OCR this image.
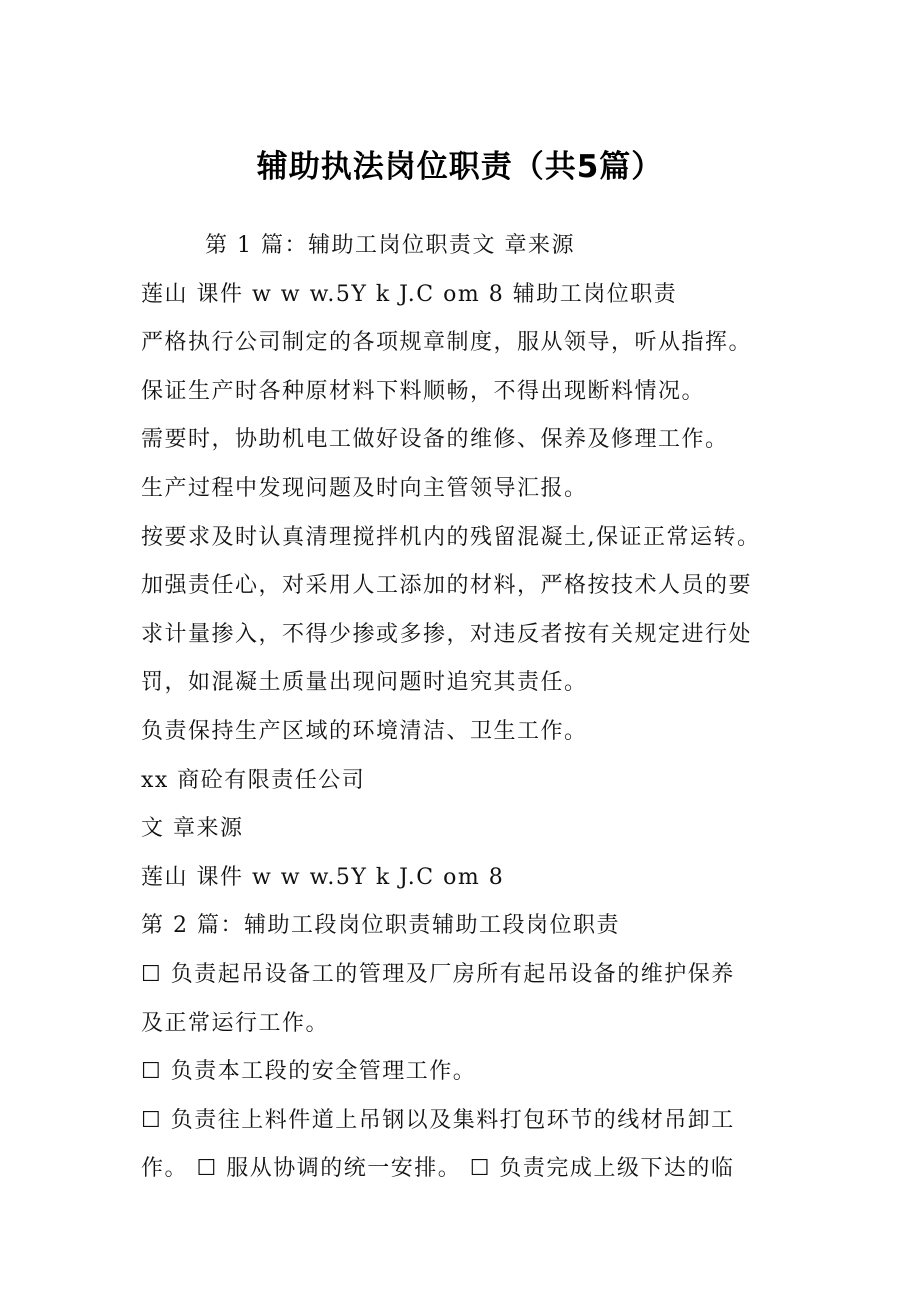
辅助执法岗位职责（共5篇）
第 1 篇：辅助工岗位职责文 章来源
莲山 课件 w w w.5Y k J.C om 8 辅助工岗位职责
严格执行公司制定的各项规章制度，服从领导，听从指挥。
保证生产时各种原材料下料顺畅，不得出现断料情况。
需要时，协助机电工做好设备的维修、保养及修理工作。
生产过程中发现问题及时向主管领导汇报。
按要求及时认真清理搅拌机内的残留混凝土,保证正常运转。
加强责任心，对采用人工添加的材料，严格按技术人员的要
求计量掺入，不得少掺或多掺，对违反者按有关规定进行处
罚，如混凝土质量出现问题时追究其责任。
负责保持生产区域的环境清洁、卫生工作。
xx 商砼有限责任公司
文 章来源
莲山 课件 w w w.5Y k J.C om 8
第 2 篇：辅助工段岗位职责辅助工段岗位职责
☐ 负责起吊设备工的管理及厂房所有起吊设备的维护保养
及正常运行工作。
☐ 负责本工段的安全管理工作。
☐ 负责往上料件道上吊钢以及集料打包环节的线材吊卸工
作。 ☐ 服从协调的统一安排。 ☐ 负责完成上级下达的临
